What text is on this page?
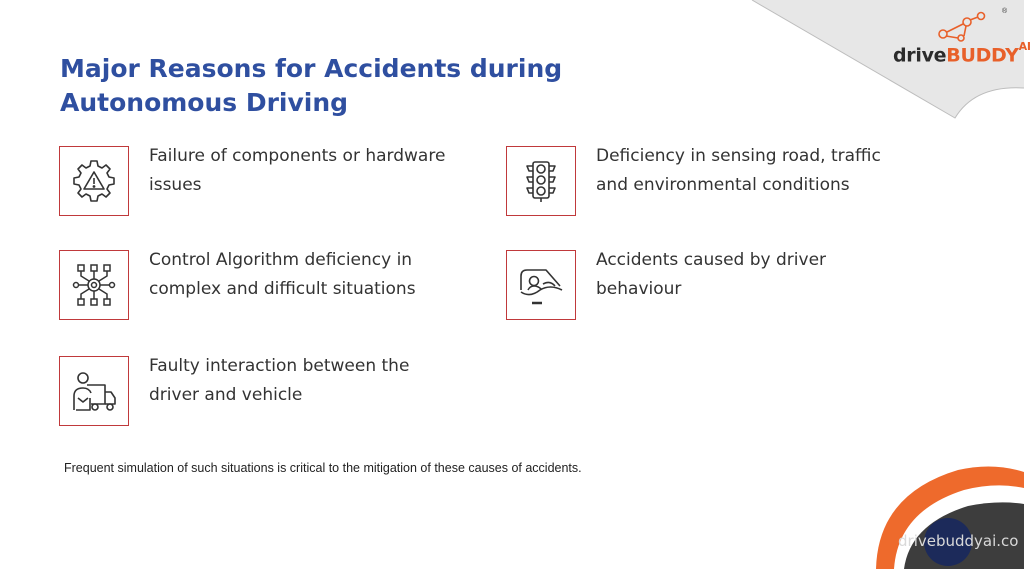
Major Reasons for Accidents during
Autonomous Driving
®
driveBUDDY$^{AI}$
Failure of components or hardware issues
Deficiency in sensing road, traffic and environmental conditions
Control Algorithm deficiency in complex and difficult situations
Accidents caused by driver behaviour
Faulty interaction between the driver and vehicle
Frequent simulation of such situations is critical to the mitigation of these causes of accidents.
drivebuddyai.co
